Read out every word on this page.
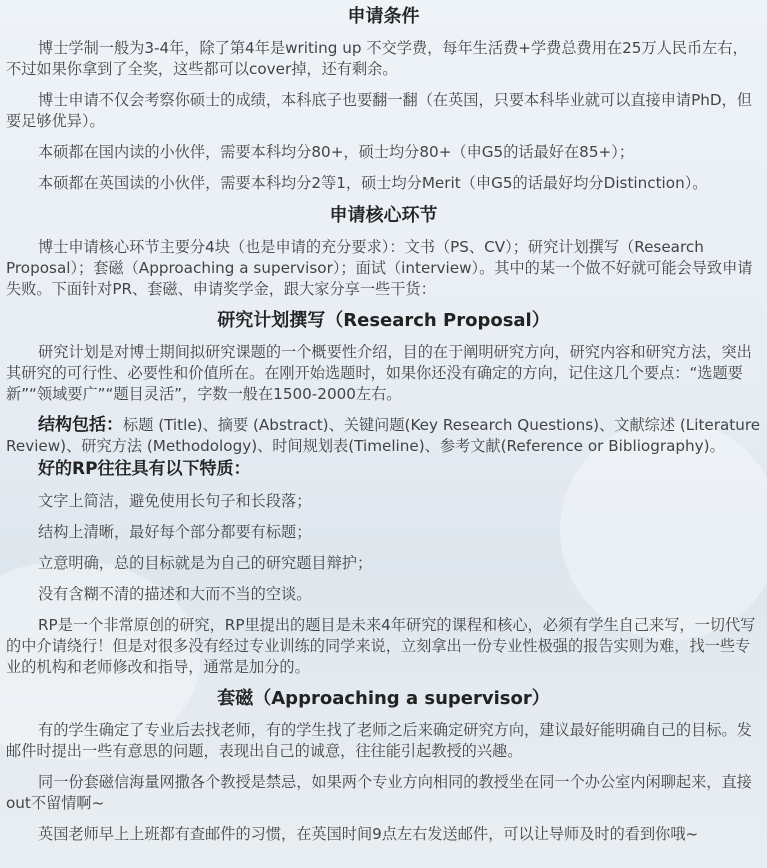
申请条件

博士学制一般为3-4年，除了第4年是writing up 不交学费，每年生活费+学费总费用在25万人民币左右，不过如果你拿到了全奖，这些都可以cover掉，还有剩余。

博士申请不仅会考察你硕士的成绩，本科底子也要翻一翻（在英国，只要本科毕业就可以直接申请PhD，但要足够优异）。

本硕都在国内读的小伙伴，需要本科均分80+，硕士均分80+（申G5的话最好在85+）；

本硕都在英国读的小伙伴，需要本科均分2等1，硕士均分Merit（申G5的话最好均分Distinction）。

申请核心环节

博士申请核心环节主要分4块（也是申请的充分要求）：文书（PS、CV）；研究计划撰写（Research Proposal）；套磁（Approaching a supervisor）；面试（interview）。其中的某一个做不好就可能会导致申请失败。下面针对PR、套磁、申请奖学金，跟大家分享一些干货：

研究计划撰写（Research Proposal）

研究计划是对博士期间拟研究课题的一个概要性介绍，目的在于阐明研究方向，研究内容和研究方法，突出其研究的可行性、必要性和价值所在。在刚开始选题时，如果你还没有确定的方向，记住这几个要点：“选题要新”“领域要广”“题目灵活”，字数一般在1500-2000左右。

结构包括：标题 (Title)、摘要 (Abstract)、关键问题(Key Research Questions)、文献综述 (Literature Review)、研究方法 (Methodology)、时间规划表(Timeline)、参考文献(Reference or Bibliography)。

好的RP往往具有以下特质：

文字上简洁，避免使用长句子和长段落；

结构上清晰，最好每个部分都要有标题；

立意明确，总的目标就是为自己的研究题目辩护；

没有含糊不清的描述和大而不当的空谈。

RP是一个非常原创的研究，RP里提出的题目是未来4年研究的课程和核心，必须有学生自己来写，一切代写的中介请绕行！但是对很多没有经过专业训练的同学来说，立刻拿出一份专业性极强的报告实则为难，找一些专业的机构和老师修改和指导，通常是加分的。

套磁（Approaching a supervisor）

有的学生确定了专业后去找老师，有的学生找了老师之后来确定研究方向，建议最好能明确自己的目标。发邮件时提出一些有意思的问题，表现出自己的诚意，往往能引起教授的兴趣。

同一份套磁信海量网撒各个教授是禁忌，如果两个专业方向相同的教授坐在同一个办公室内闲聊起来，直接out不留情啊~

英国老师早上上班都有查邮件的习惯，在英国时间9点左右发送邮件，可以让导师及时的看到你哦~
